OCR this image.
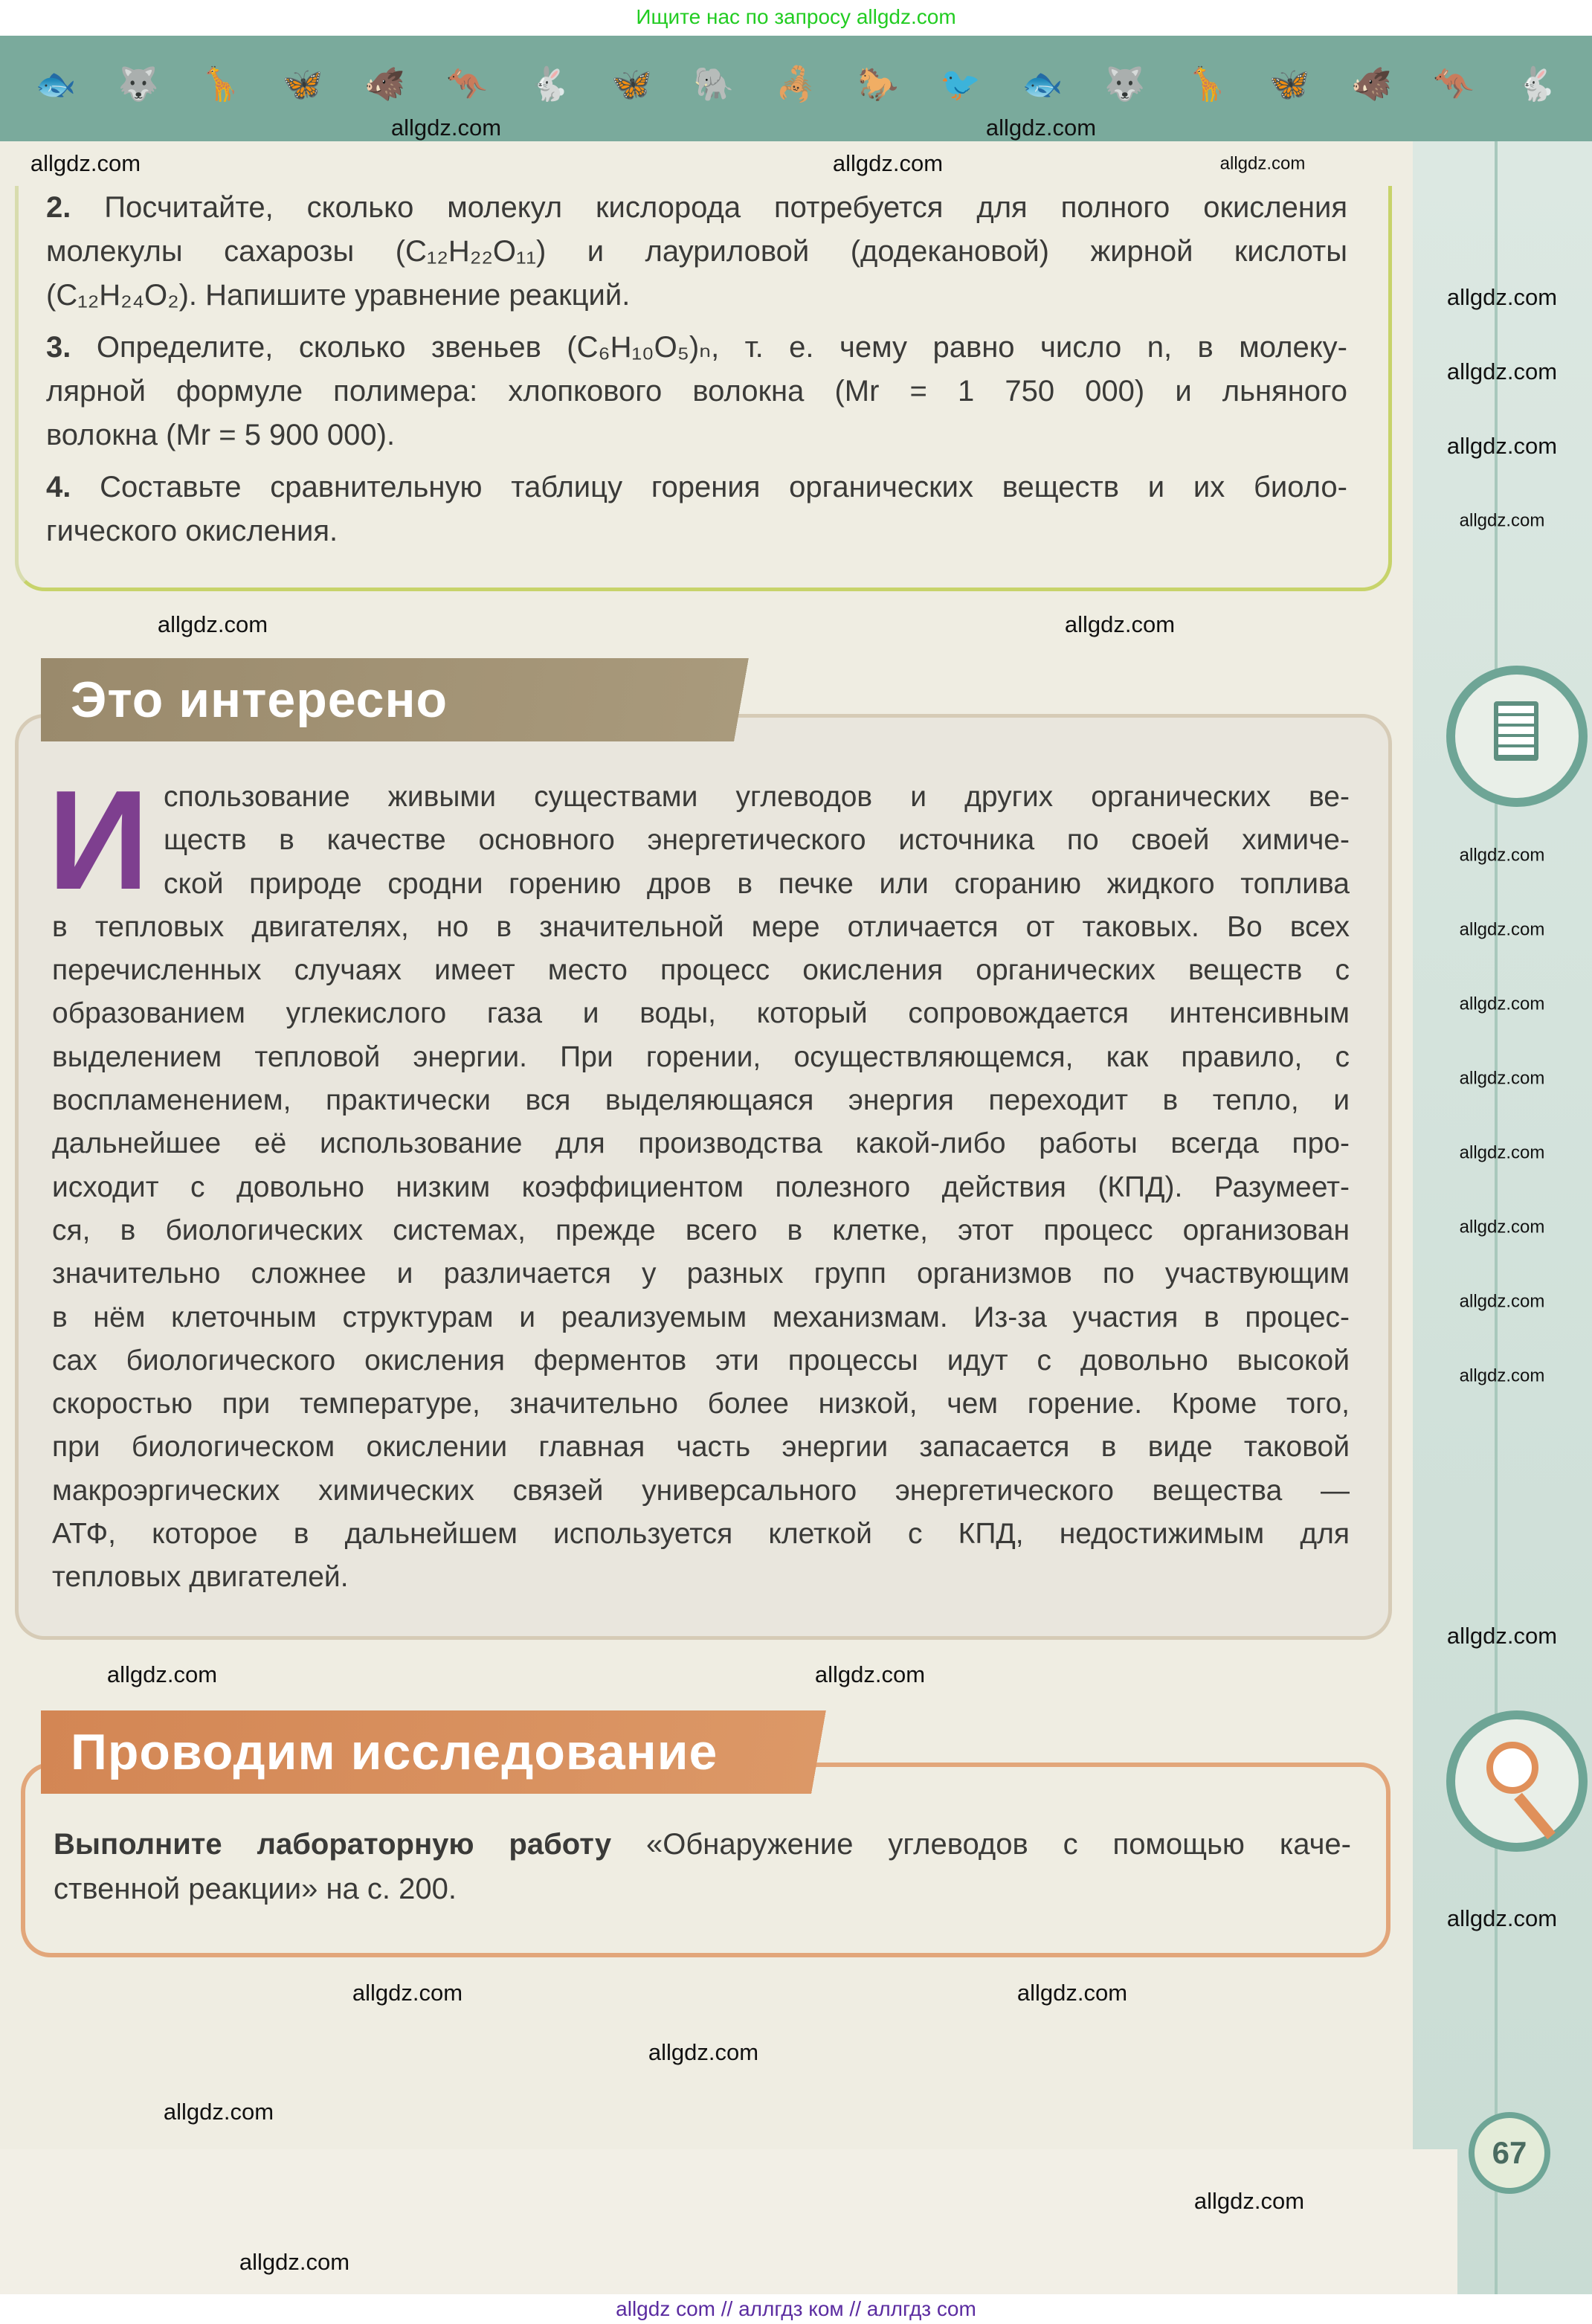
Ищите нас по запросу allgdz.com
🐟 🐺 🦒 🦋 🐗 🦘 🐇 🦋 🐘 🦂 🐎 🐦 🐟 🐺 🦒 🦋 🐗 🦘 🐇
2. Посчитайте, сколько молекул кислорода потребуется для полного окисления
молекулы сахарозы (C₁₂H₂₂O₁₁) и лауриловой (додекановой) жирной кислоты
(C₁₂H₂₄O₂). Напишите уравнение реакций.
3. Определите, сколько звеньев (C₆H₁₀O₅)ₙ, т. е. чему равно число n, в молеку-
лярной формуле полимера: хлопкового волокна (Mr = 1 750 000) и льняного
волокна (Mr = 5 900 000).
4. Составьте сравнительную таблицу горения органических веществ и их биоло-
гического окисления.
Это интересно
И спользование живыми существами углеводов и других органических ве-
ществ в качестве основного энергетического источника по своей химиче-
ской природе сродни горению дров в печке или сгоранию жидкого топлива
в тепловых двигателях, но в значительной мере отличается от таковых. Во всех
перечисленных случаях имеет место процесс окисления органических веществ с
образованием углекислого газа и воды, который сопровождается интенсивным
выделением тепловой энергии. При горении, осуществляющемся, как правило, с
воспламенением, практически вся выделяющаяся энергия переходит в тепло, и
дальнейшее её использование для производства какой-либо работы всегда про-
исходит с довольно низким коэффициентом полезного действия (КПД). Разумеет-
ся, в биологических системах, прежде всего в клетке, этот процесс организован
значительно сложнее и различается у разных групп организмов по участвующим
в нём клеточным структурам и реализуемым механизмам. Из-за участия в процес-
сах биологического окисления ферментов эти процессы идут с довольно высокой
скоростью при температуре, значительно более низкой, чем горение. Кроме того,
при биологическом окислении главная часть энергии запасается в виде таковой
макроэргических химических связей универсального энергетического вещества —
АТФ, которое в дальнейшем используется клеткой с КПД, недостижимым для
тепловых двигателей.
Проводим исследование
Выполните лабораторную работу «Обнаружение углеводов с помощью каче-
ственной реакции» на с. 200.
67
allgdz com // аллгдз ком // аллгдз com
allgdz.com	allgdz.com
allgdz.com	allgdz.com	allgdz.com
allgdz.com
allgdz.com
allgdz.com
allgdz.com	allgdz.com
allgdz.com
allgdz.com
allgdz.com
allgdz.com
allgdz.com
allgdz.com
allgdz.com
allgdz.com
allgdz.com
allgdz.com
allgdz.com
allgdz.com
allgdz.com	allgdz.com
allgdz.com
allgdz.com
allgdz.com
allgdz.com
allgdz.com
